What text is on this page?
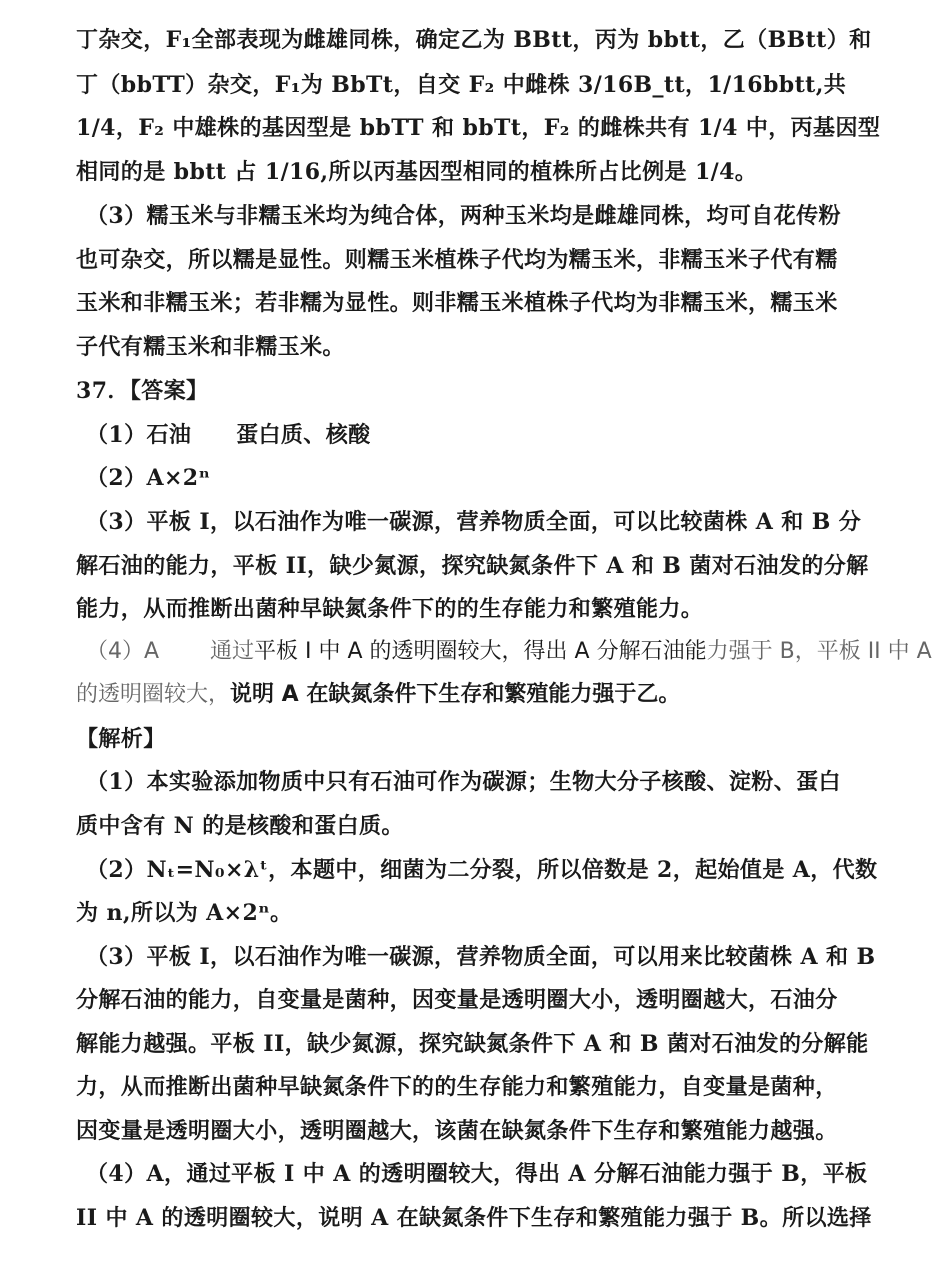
丁杂交，F₁全部表现为雌雄同株，确定乙为 BBtt，丙为 bbtt，乙（BBtt）和
丁（bbTT）杂交，F₁为 BbTt，自交 F₂ 中雌株 3/16B_tt，1/16bbtt,共
1/4，F₂ 中雄株的基因型是 bbTT 和 bbTt，F₂ 的雌株共有 1/4 中，丙基因型
相同的是 bbtt 占 1/16,所以丙基因型相同的植株所占比例是 1/4。
（3）糯玉米与非糯玉米均为纯合体，两种玉米均是雌雄同株，均可自花传粉
也可杂交，所以糯是显性。则糯玉米植株子代均为糯玉米，非糯玉米子代有糯
玉米和非糯玉米；若非糯为显性。则非糯玉米植株子代均为非糯玉米，糯玉米
子代有糯玉米和非糯玉米。
37．【答案】
（1）石油　　蛋白质、核酸
（2）A×2ⁿ
（3）平板 I，以石油作为唯一碳源，营养物质全面，可以比较菌株 A 和 B 分
解石油的能力，平板 II，缺少氮源，探究缺氮条件下 A 和 B 菌对石油发的分解
能力，从而推断出菌种早缺氮条件下的的生存能力和繁殖能力。
（4）A　　 通过平板 I 中 A 的透明圈较大，得出 A 分解石油能力强于 B，平板 II 中 A
的透明圈较大，说明 A 在缺氮条件下生存和繁殖能力强于乙。
【解析】
（1）本实验添加物质中只有石油可作为碳源；生物大分子核酸、淀粉、蛋白
质中含有 N 的是核酸和蛋白质。
（2）Nₜ=N₀×λᵗ，本题中，细菌为二分裂，所以倍数是 2，起始值是 A，代数
为 n,所以为 A×2ⁿ。
（3）平板 I，以石油作为唯一碳源，营养物质全面，可以用来比较菌株 A 和 B
分解石油的能力，自变量是菌种，因变量是透明圈大小，透明圈越大，石油分
解能力越强。平板 II，缺少氮源，探究缺氮条件下 A 和 B 菌对石油发的分解能
力，从而推断出菌种早缺氮条件下的的生存能力和繁殖能力，自变量是菌种，
因变量是透明圈大小，透明圈越大，该菌在缺氮条件下生存和繁殖能力越强。
（4）A，通过平板 I 中 A 的透明圈较大，得出 A 分解石油能力强于 B，平板
II 中 A 的透明圈较大，说明 A 在缺氮条件下生存和繁殖能力强于 B。所以选择
